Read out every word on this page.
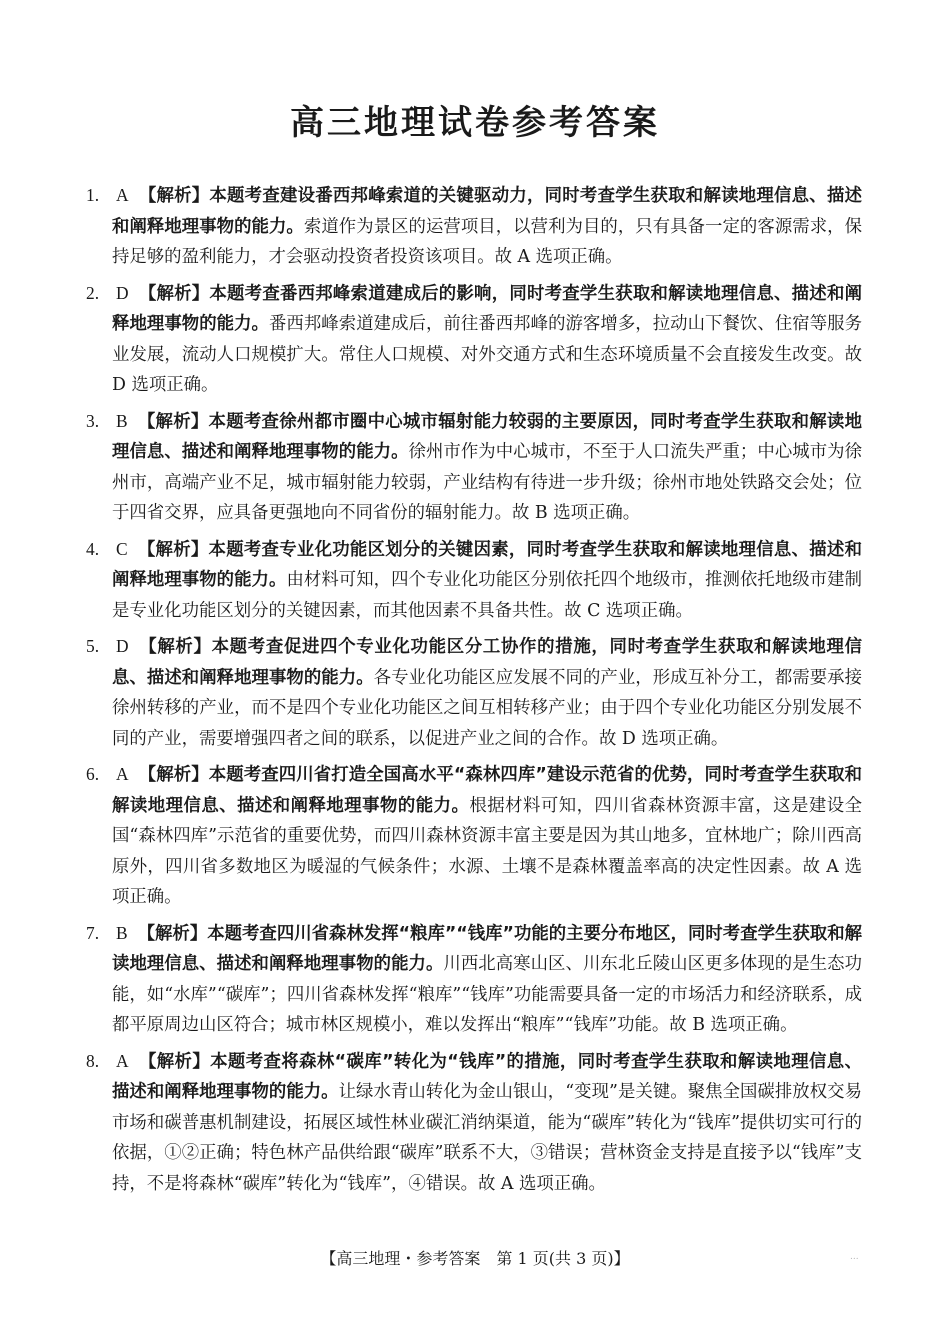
高三地理试卷参考答案
1. A 【解析】本题考查建设番西邦峰索道的关键驱动力，同时考查学生获取和解读地理信息、描述和阐释地理事物的能力。索道作为景区的运营项目，以营利为目的，只有具备一定的客源需求，保持足够的盈利能力，才会驱动投资者投资该项目。故 A 选项正确。
2. D 【解析】本题考查番西邦峰索道建成后的影响，同时考查学生获取和解读地理信息、描述和阐释地理事物的能力。番西邦峰索道建成后，前往番西邦峰的游客增多，拉动山下餐饮、住宿等服务业发展，流动人口规模扩大。常住人口规模、对外交通方式和生态环境质量不会直接发生改变。故 D 选项正确。
3. B 【解析】本题考查徐州都市圈中心城市辐射能力较弱的主要原因，同时考查学生获取和解读地理信息、描述和阐释地理事物的能力。徐州市作为中心城市，不至于人口流失严重；中心城市为徐州市，高端产业不足，城市辐射能力较弱，产业结构有待进一步升级；徐州市地处铁路交会处；位于四省交界，应具备更强地向不同省份的辐射能力。故 B 选项正确。
4. C 【解析】本题考查专业化功能区划分的关键因素，同时考查学生获取和解读地理信息、描述和阐释地理事物的能力。由材料可知，四个专业化功能区分别依托四个地级市，推测依托地级市建制是专业化功能区划分的关键因素，而其他因素不具备共性。故 C 选项正确。
5. D 【解析】本题考查促进四个专业化功能区分工协作的措施，同时考查学生获取和解读地理信息、描述和阐释地理事物的能力。各专业化功能区应发展不同的产业，形成互补分工，都需要承接徐州转移的产业，而不是四个专业化功能区之间互相转移产业；由于四个专业化功能区分别发展不同的产业，需要增强四者之间的联系，以促进产业之间的合作。故 D 选项正确。
6. A 【解析】本题考查四川省打造全国高水平“森林四库”建设示范省的优势，同时考查学生获取和解读地理信息、描述和阐释地理事物的能力。根据材料可知，四川省森林资源丰富，这是建设全国“森林四库”示范省的重要优势，而四川森林资源丰富主要是因为其山地多，宜林地广；除川西高原外，四川省多数地区为暖湿的气候条件；水源、土壤不是森林覆盖率高的决定性因素。故 A 选项正确。
7. B 【解析】本题考查四川省森林发挥“粮库”“钱库”功能的主要分布地区，同时考查学生获取和解读地理信息、描述和阐释地理事物的能力。川西北高寒山区、川东北丘陵山区更多体现的是生态功能，如“水库”“碳库”；四川省森林发挥“粮库”“钱库”功能需要具备一定的市场活力和经济联系，成都平原周边山区符合；城市林区规模小，难以发挥出“粮库”“钱库”功能。故 B 选项正确。
8. A 【解析】本题考查将森林“碳库”转化为“钱库”的措施，同时考查学生获取和解读地理信息、描述和阐释地理事物的能力。让绿水青山转化为金山银山，“变现”是关键。聚焦全国碳排放权交易市场和碳普惠机制建设，拓展区域性林业碳汇消纳渠道，能为“碳库”转化为“钱库”提供切实可行的依据，①②正确；特色林产品供给跟“碳库”联系不大，③错误；营林资金支持是直接予以“钱库”支持，不是将森林“碳库”转化为“钱库”，④错误。故 A 选项正确。
【高三地理・参考答案　第 1 页(共 3 页)】	...
